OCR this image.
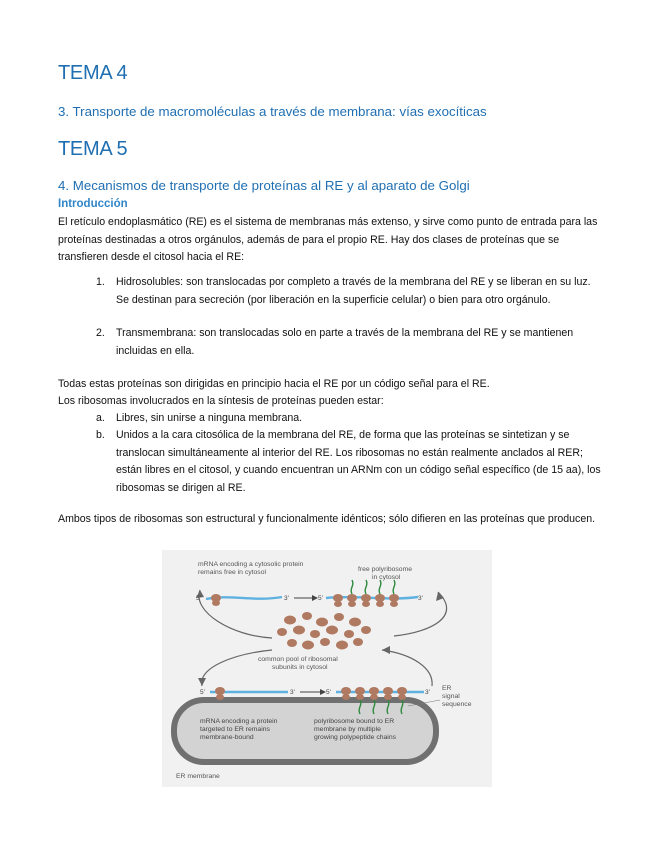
TEMA 4
3. Transporte de macromoléculas a través de membrana: vías exocíticas
TEMA 5
4. Mecanismos de transporte de proteínas al RE y al aparato de Golgi
Introducción

El retículo endoplasmático (RE) es el sistema de membranas más extenso, y sirve como punto de entrada para las proteínas destinadas a otros orgánulos, además de para el propio RE. Hay dos clases de proteínas que se transfieren desde el citosol hacia el RE:

1. Hidrosolubles: son translocadas por completo a través de la membrana del RE y se liberan en su luz. Se destinan para secreción (por liberación en la superficie celular) o bien para otro orgánulo.

2. Transmembrana: son translocadas solo en parte a través de la membrana del RE y se mantienen incluidas en ella.

Todas estas proteínas son dirigidas en principio hacia el RE por un código señal para el RE.

Los ribosomas involucrados en la síntesis de proteínas pueden estar:

a. Libres, sin unirse a ninguna membrana.

b. Unidos a la cara citosólica de la membrana del RE, de forma que las proteínas se sintetizan y se translocan simultáneamente al interior del RE. Los ribosomas no están realmente anclados al RER; están libres en el citosol, y cuando encuentran un ARNm con un código señal específico (de 15 aa), los ribosomas se dirigen al RE.

Ambos tipos de ribosomas son estructural y funcionalmente idénticos; sólo difieren en las proteínas que producen.

mRNA encoding a cytosolic protein
remains free in cytosol	free polyribosome
in cytosol
5'	3'	5'	3'
common pool of ribosomal
subunits in cytosol
5'	3'	5'	3'
ER
signal
sequence
mRNA encoding a protein
targeted to ER remains
membrane-bound
polyribosome bound to ER
membrane by multiple
growing polypeptide chains
ER membrane
